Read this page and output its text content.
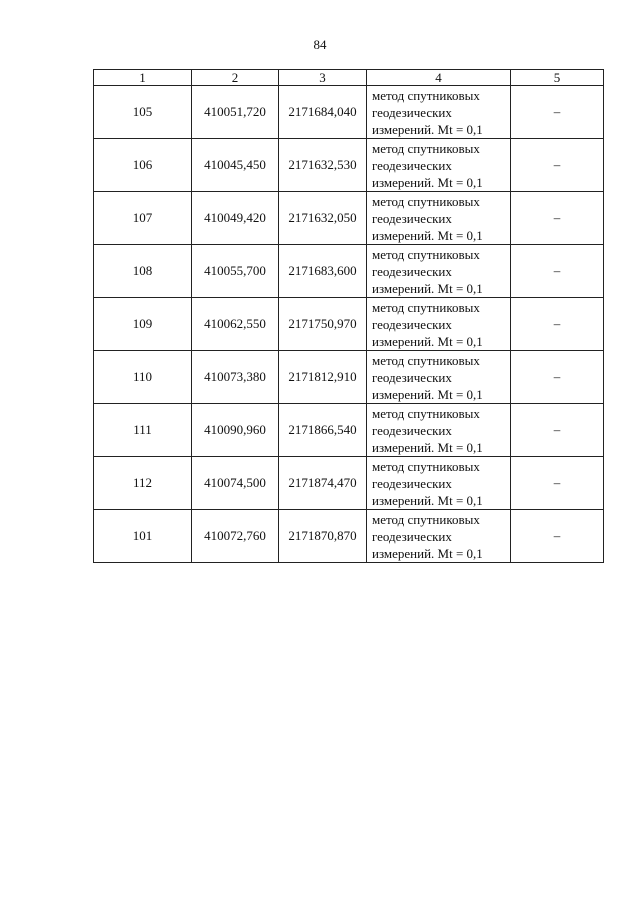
84
1	2	3	4	5
105	410051,720	2171684,040	метод спутниковых
геодезических
измерений. Mt = 0,1	–
106	410045,450	2171632,530	метод спутниковых
геодезических
измерений. Mt = 0,1	–
107	410049,420	2171632,050	метод спутниковых
геодезических
измерений. Mt = 0,1	–
108	410055,700	2171683,600	метод спутниковых
геодезических
измерений. Mt = 0,1	–
109	410062,550	2171750,970	метод спутниковых
геодезических
измерений. Mt = 0,1	–
110	410073,380	2171812,910	метод спутниковых
геодезических
измерений. Mt = 0,1	–
111	410090,960	2171866,540	метод спутниковых
геодезических
измерений. Mt = 0,1	–
112	410074,500	2171874,470	метод спутниковых
геодезических
измерений. Mt = 0,1	–
101	410072,760	2171870,870	метод спутниковых
геодезических
измерений. Mt = 0,1	–
